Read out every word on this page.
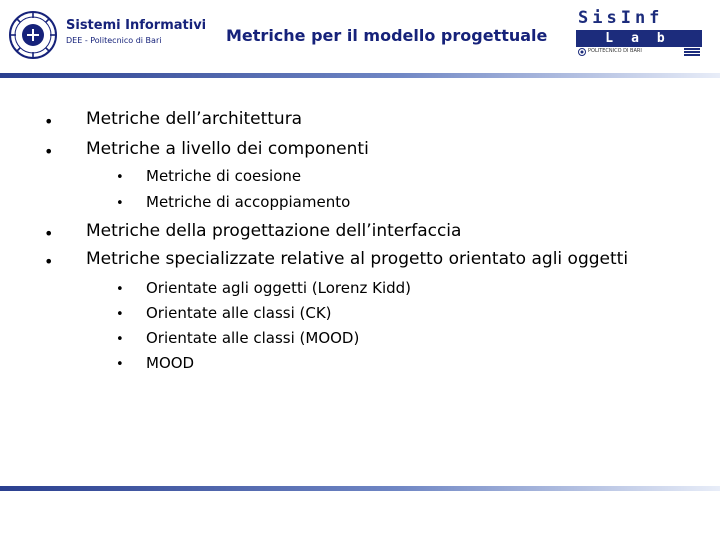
Sistemi Informativi
DEE - Politecnico di Bari	Metriche per il modello progettuale
SisInf
Lab
POLITECNICO DI BARI
• Metriche dell’architettura
• Metriche a livello dei componenti
• Metriche di coesione
• Metriche di accoppiamento
• Metriche della progettazione dell’interfaccia
• Metriche specializzate relative al progetto orientato agli oggetti
• Orientate agli oggetti (Lorenz Kidd)
• Orientate alle classi (CK)
• Orientate alle classi (MOOD)
• MOOD
